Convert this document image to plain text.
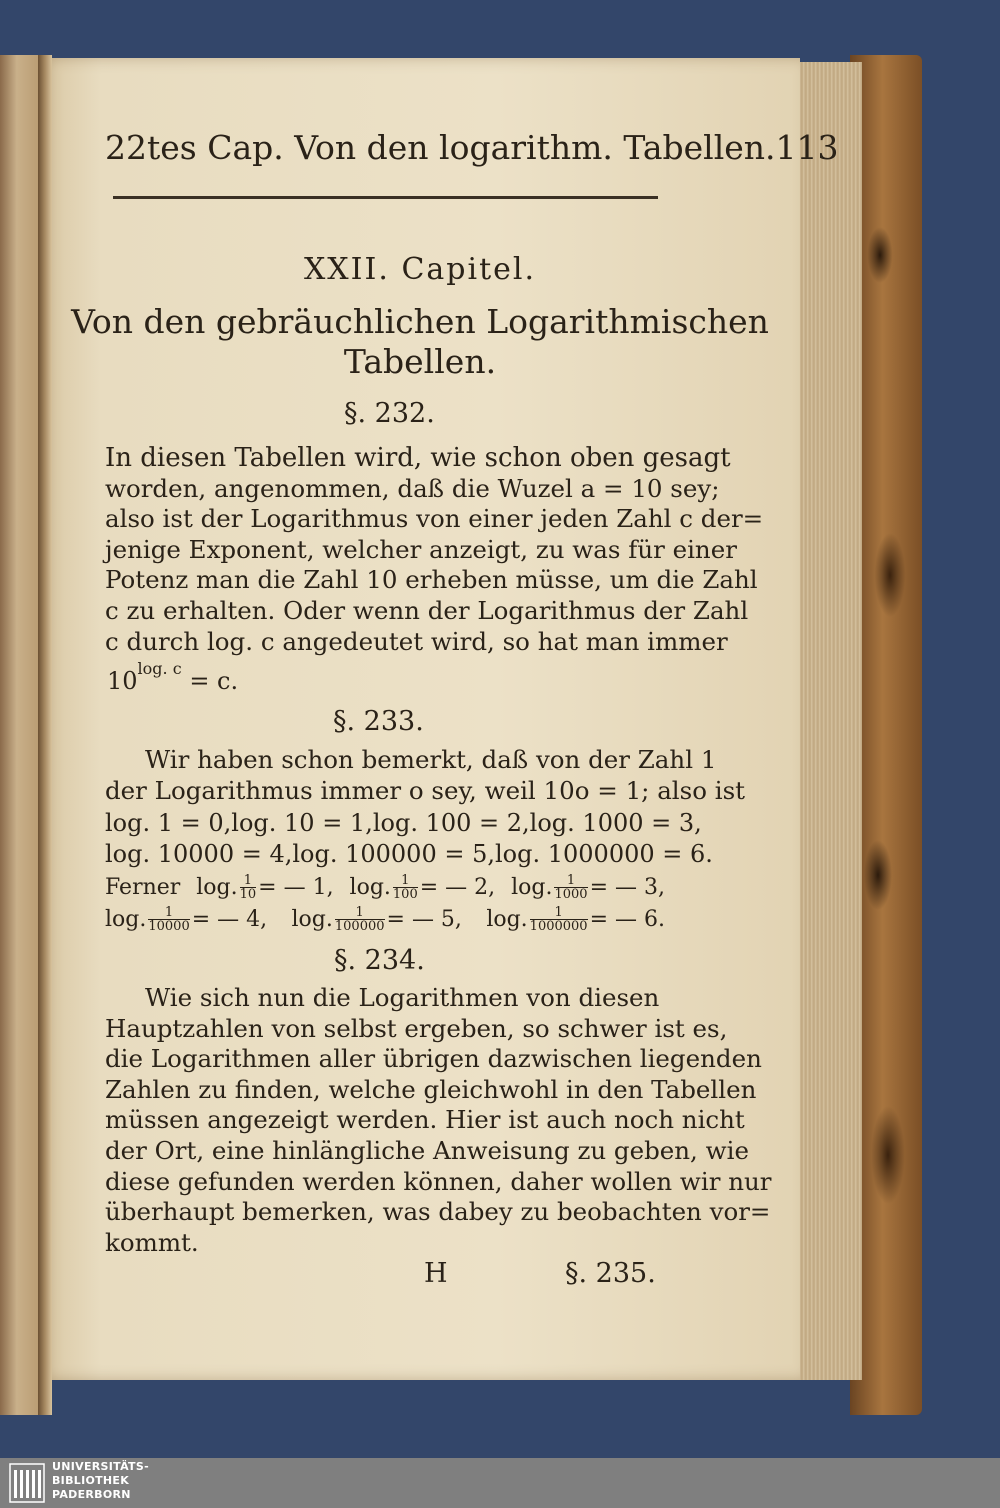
22tes Cap. Von den logarithm. Tabellen. 113
XXII. Capitel.
Von den gebräuchlichen Logarithmischen
Tabellen.
§. 232.
In diesen Tabellen wird, wie schon oben gesagt
worden, angenommen, daß die Wuzel a = 10 sey;
also ist der Logarithmus von einer jeden Zahl c der=
jenige Exponent, welcher anzeigt, zu was für einer
Potenz man die Zahl 10 erheben müsse, um die Zahl
c zu erhalten. Oder wenn der Logarithmus der Zahl
c durch log. c angedeutet wird, so hat man immer
$10^{log. c} = c$.
§. 233.
Wir haben schon bemerkt, daß von der Zahl 1
der Logarithmus immer o sey, weil 10o = 1; also ist
log. 1 = 0, log. 10 = 1, log. 100 = 2, log. 1000 = 3,
log. 10000 = 4, log. 100000 = 5, log. 1000000 = 6.
Ferner log. $\frac{1}{10}$ = — 1, log. $\frac{1}{100}$ = — 2, log. $\frac{1}{1000}$ = — 3,
log. $\frac{1}{10000}$ = — 4, log. $\frac{1}{100000}$ = — 5, log. $\frac{1}{1000000}$ = — 6.
§. 234.
Wie sich nun die Logarithmen von diesen
Hauptzahlen von selbst ergeben, so schwer ist es,
die Logarithmen aller übrigen dazwischen liegenden
Zahlen zu finden, welche gleichwohl in den Tabellen
müssen angezeigt werden. Hier ist auch noch nicht
der Ort, eine hinlängliche Anweisung zu geben, wie
diese gefunden werden können, daher wollen wir nur
überhaupt bemerken, was dabey zu beobachten vor=
kommt.
H	§. 235.
UNIVERSITÄTS-
BIBLIOTHEK
PADERBORN
